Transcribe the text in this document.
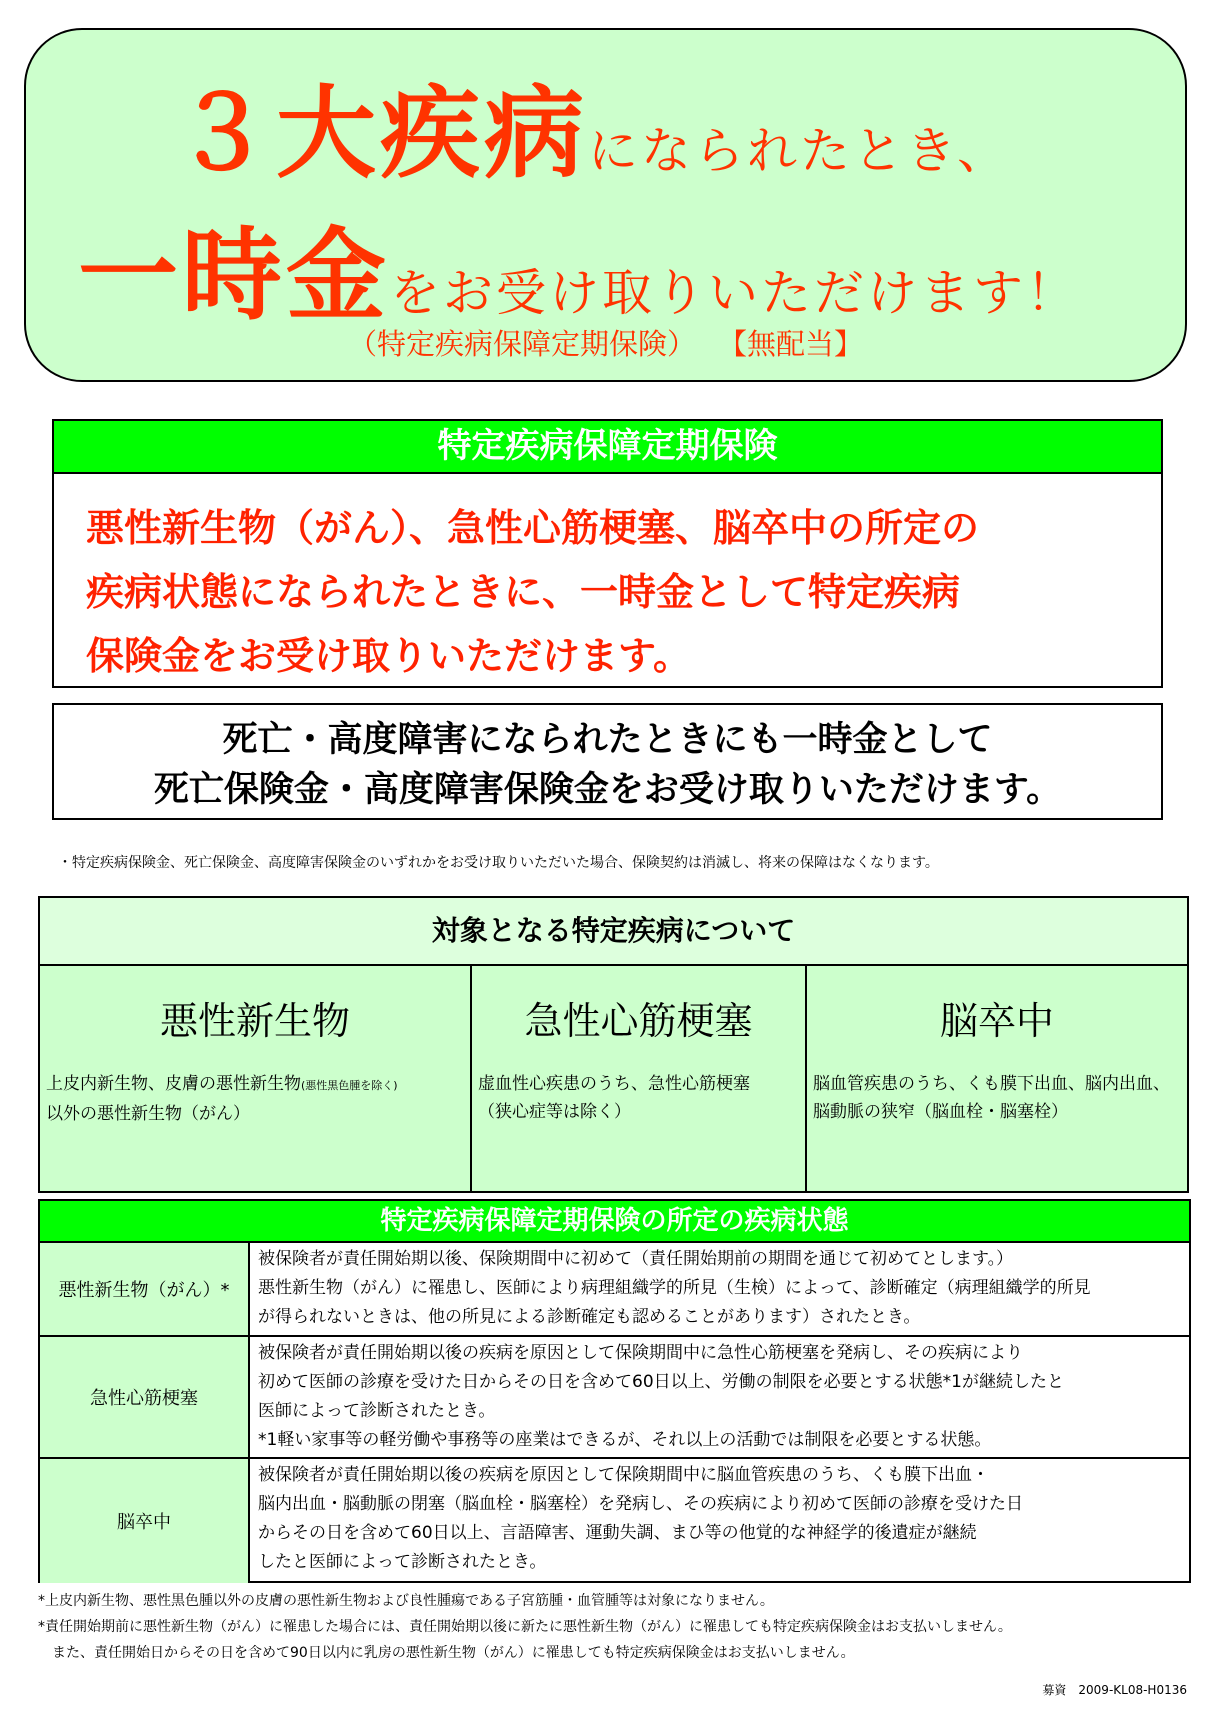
３大疾病になられたとき、
一時金をお受け取りいただけます！
（特定疾病保障定期保険） 【無配当】
特定疾病保障定期保険
悪性新生物（がん）、急性心筋梗塞、脳卒中の所定の
疾病状態になられたときに、一時金として特定疾病
保険金をお受け取りいただけます。
死亡・高度障害になられたときにも一時金として
死亡保険金・高度障害保険金をお受け取りいただけます。
・特定疾病保険金、死亡保険金、高度障害保険金のいずれかをお受け取りいただいた場合、保険契約は消滅し、将来の保障はなくなります。
対象となる特定疾病について
悪性新生物
上皮内新生物、皮膚の悪性新生物(悪性黒色腫を除く)
以外の悪性新生物（がん）
急性心筋梗塞
虚血性心疾患のうち、急性心筋梗塞
（狭心症等は除く）
脳卒中
脳血管疾患のうち、くも膜下出血、脳内出血、
脳動脈の狭窄（脳血栓・脳塞栓）
特定疾病保障定期保険の所定の疾病状態
悪性新生物（がん）*
被保険者が責任開始期以後、保険期間中に初めて（責任開始期前の期間を通じて初めてとします。）
悪性新生物（がん）に罹患し、医師により病理組織学的所見（生検）によって、診断確定（病理組織学的所見
が得られないときは、他の所見による診断確定も認めることがあります）されたとき。
急性心筋梗塞
被保険者が責任開始期以後の疾病を原因として保険期間中に急性心筋梗塞を発病し、その疾病により
初めて医師の診療を受けた日からその日を含めて60日以上、労働の制限を必要とする状態*1が継続したと
医師によって診断されたとき。
*1軽い家事等の軽労働や事務等の座業はできるが、それ以上の活動では制限を必要とする状態。
脳卒中
被保険者が責任開始期以後の疾病を原因として保険期間中に脳血管疾患のうち、くも膜下出血・
脳内出血・脳動脈の閉塞（脳血栓・脳塞栓）を発病し、その疾病により初めて医師の診療を受けた日
からその日を含めて60日以上、言語障害、運動失調、まひ等の他覚的な神経学的後遺症が継続
したと医師によって診断されたとき。
*上皮内新生物、悪性黒色腫以外の皮膚の悪性新生物および良性腫瘍である子宮筋腫・血管腫等は対象になりません。
*責任開始期前に悪性新生物（がん）に罹患した場合には、責任開始期以後に新たに悪性新生物（がん）に罹患しても特定疾病保険金はお支払いしません。
　また、責任開始日からその日を含めて90日以内に乳房の悪性新生物（がん）に罹患しても特定疾病保険金はお支払いしません。
募資　2009-KL08-H0136
